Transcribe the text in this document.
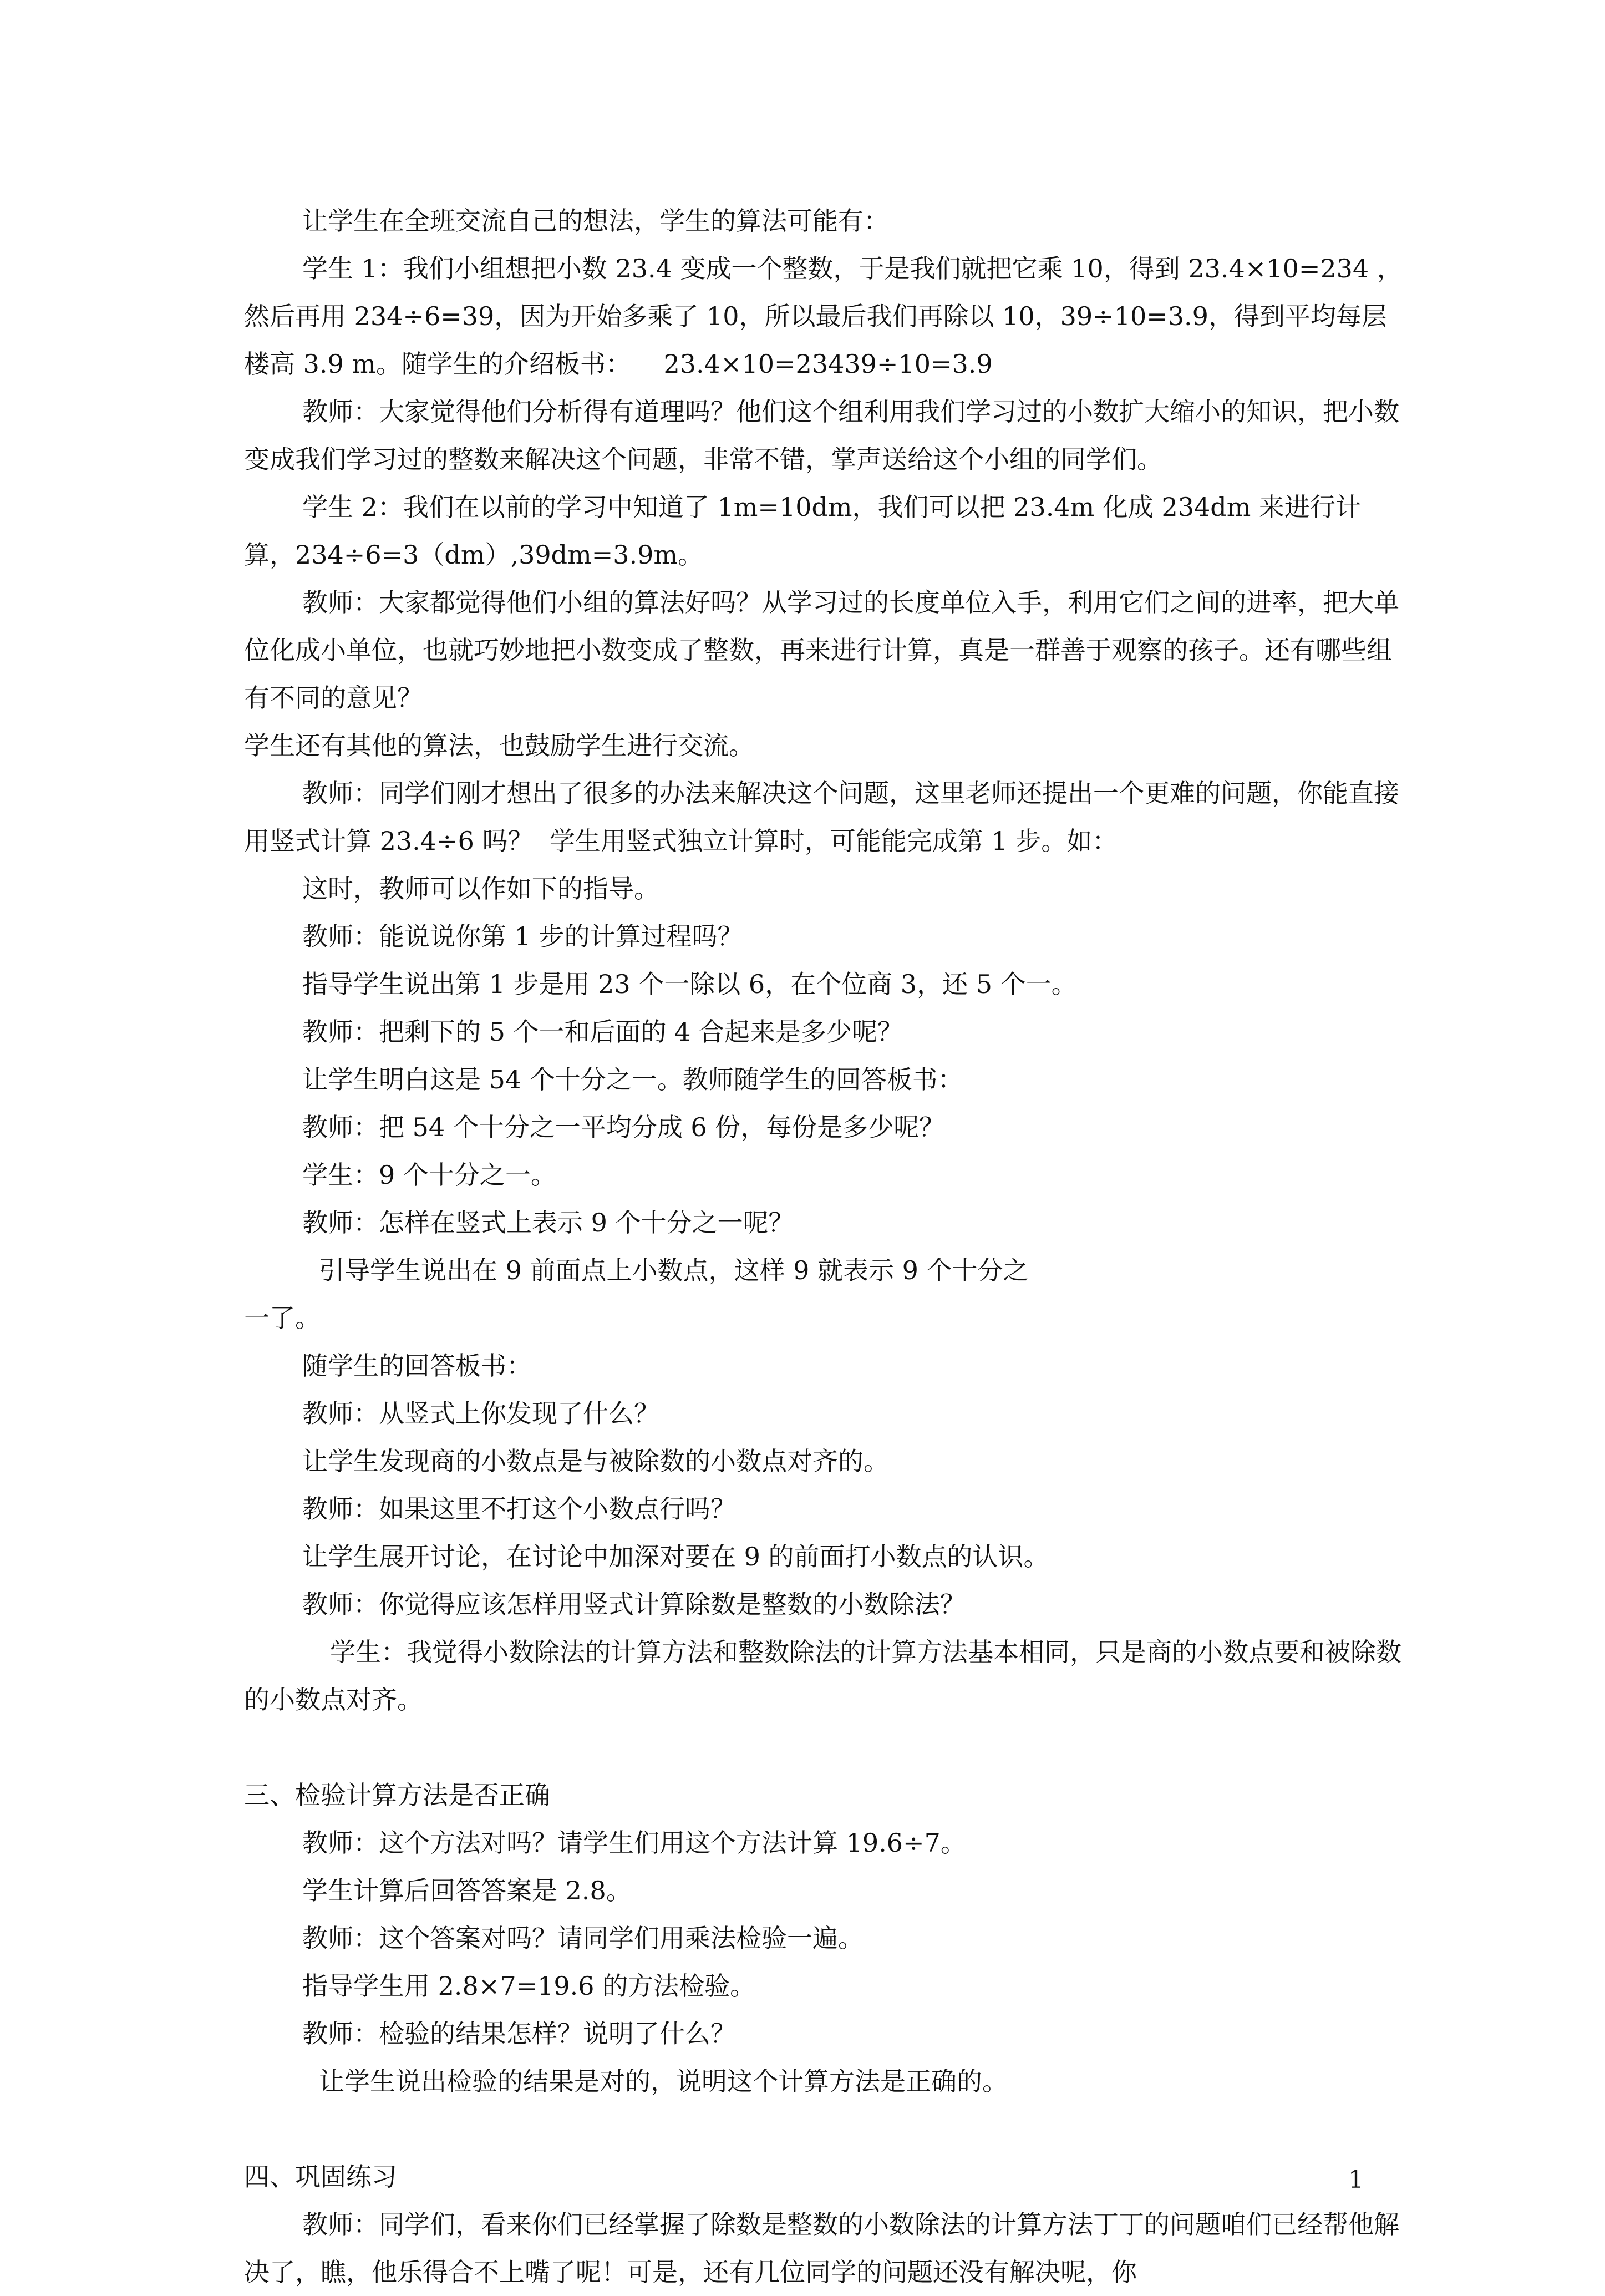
让学生在全班交流自己的想法，学生的算法可能有：

学生 1：我们小组想把小数 23.4 变成一个整数，于是我们就把它乘 10，得到 23.4×10=234 ，然后再用 234÷6=39，因为开始多乘了 10，所以最后我们再除以 10，39÷10=3.9，得到平均每层楼高 3.9 m。随学生的介绍板书：    23.4×10=23439÷10=3.9

教师：大家觉得他们分析得有道理吗？他们这个组利用我们学习过的小数扩大缩小的知识，把小数变成我们学习过的整数来解决这个问题，非常不错，掌声送给这个小组的同学们。

学生 2：我们在以前的学习中知道了 1m=10dm，我们可以把 23.4m 化成 234dm 来进行计算，234÷6=3（dm）,39dm=3.9m。

教师：大家都觉得他们小组的算法好吗？从学习过的长度单位入手，利用它们之间的进率，把大单位化成小单位，也就巧妙地把小数变成了整数，再来进行计算，真是一群善于观察的孩子。还有哪些组有不同的意见？

学生还有其他的算法，也鼓励学生进行交流。

教师：同学们刚才想出了很多的办法来解决这个问题，这里老师还提出一个更难的问题，你能直接用竖式计算 23.4÷6 吗？  学生用竖式独立计算时，可能能完成第 1 步。如：

这时，教师可以作如下的指导。

教师：能说说你第 1 步的计算过程吗？

指导学生说出第 1 步是用 23 个一除以 6，在个位商 3，还 5 个一。

教师：把剩下的 5 个一和后面的 4 合起来是多少呢？

让学生明白这是 54 个十分之一。教师随学生的回答板书：

教师：把 54 个十分之一平均分成 6 份，每份是多少呢？

学生：9 个十分之一。

教师：怎样在竖式上表示 9 个十分之一呢？

引导学生说出在 9 前面点上小数点，这样 9 就表示 9 个十分之

一了。

随学生的回答板书：

教师：从竖式上你发现了什么？

让学生发现商的小数点是与被除数的小数点对齐的。

教师：如果这里不打这个小数点行吗？

让学生展开讨论，在讨论中加深对要在 9 的前面打小数点的认识。

教师：你觉得应该怎样用竖式计算除数是整数的小数除法？

学生：我觉得小数除法的计算方法和整数除法的计算方法基本相同，只是商的小数点要和被除数的小数点对齐。

三、检验计算方法是否正确

教师：这个方法对吗？请学生们用这个方法计算 19.6÷7。

学生计算后回答答案是 2.8。

教师：这个答案对吗？请同学们用乘法检验一遍。

指导学生用 2.8×7=19.6 的方法检验。

教师：检验的结果怎样？说明了什么？

让学生说出检验的结果是对的，说明这个计算方法是正确的。

四、巩固练习

教师：同学们，看来你们已经掌握了除数是整数的小数除法的计算方法丁丁的问题咱们已经帮他解决了，瞧，他乐得合不上嘴了呢！可是，还有几位同学的问题还没有解决呢，你

1
